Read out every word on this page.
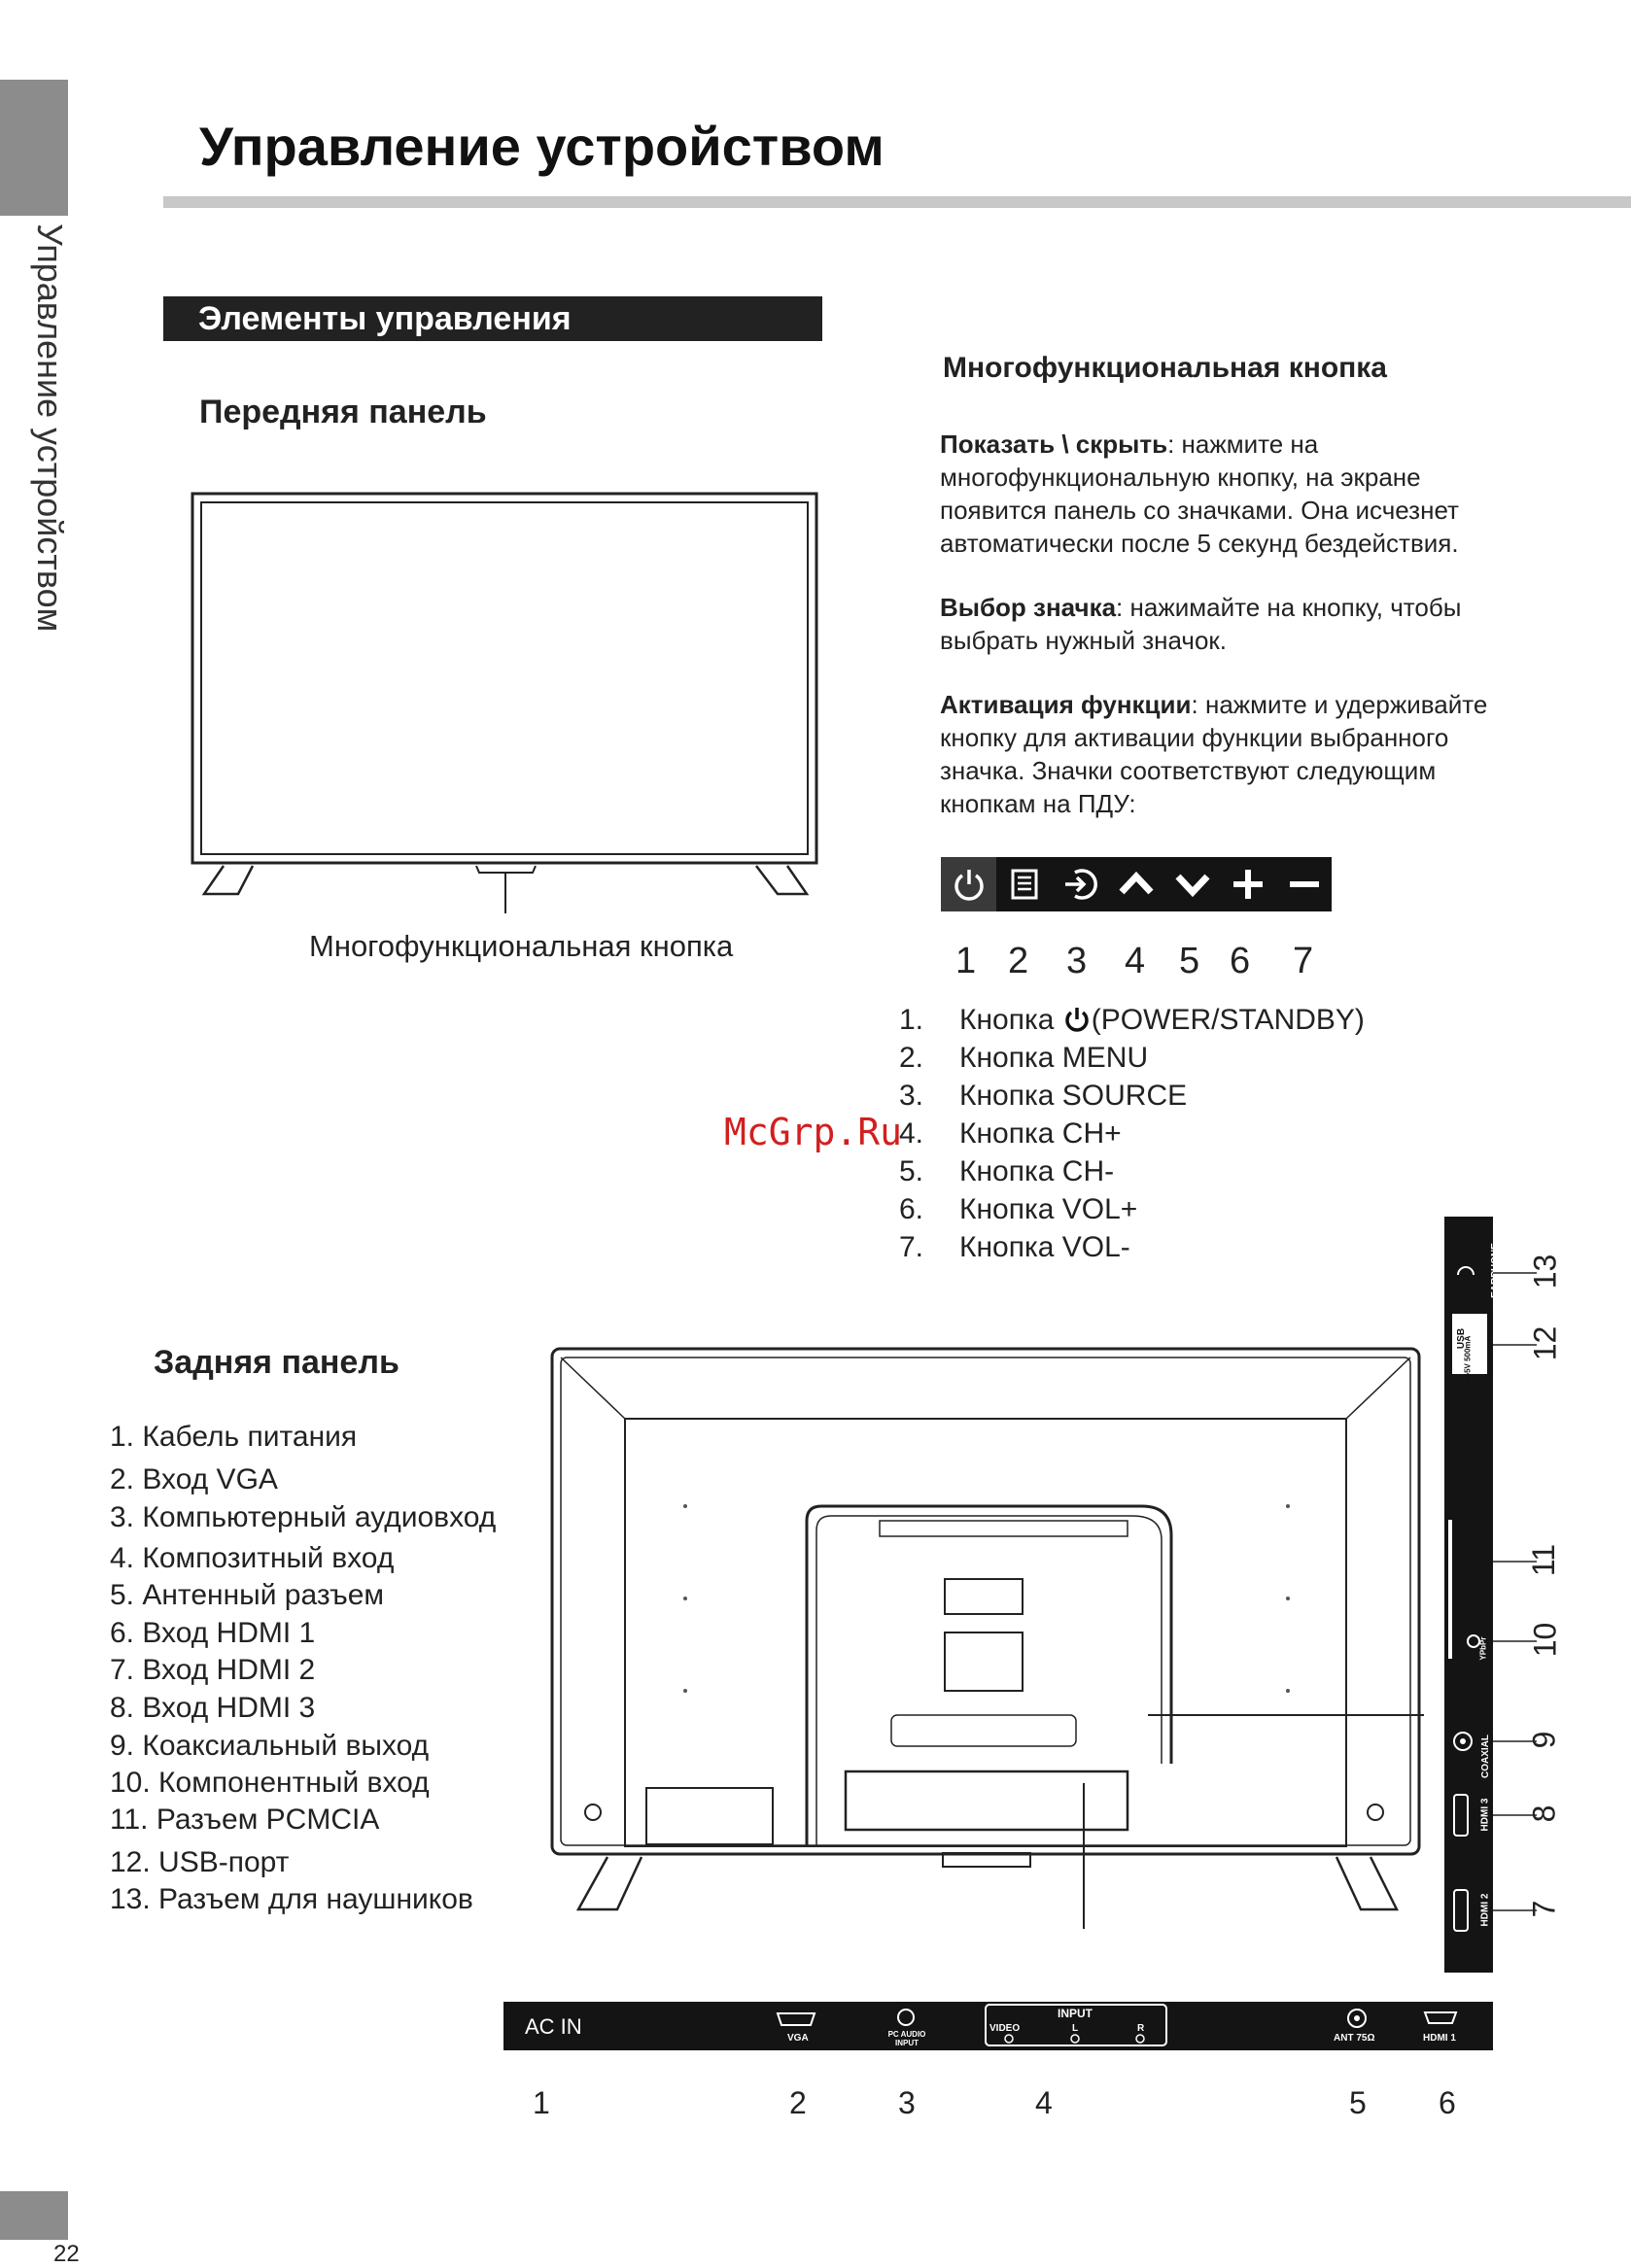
Управление устройством
Управление устройством
Элементы управления
Передняя панель
Многофункциональная кнопка
Многофункциональная кнопка
Показать \ скрыть: нажмите на
многофункциональную кнопку, на экране
появится панель со значками. Она исчезнет
автоматически после 5 секунд бездействия.
Выбор значка: нажимайте на кнопку, чтобы
выбрать нужный значок.
Активация функции: нажмите и удерживайте
кнопку для активации функции выбранного
значка. Значки соответствуют следующим
кнопкам на ПДУ:
1 2 3 4 5 6 7
1. Кнопка (POWER/STANDBY)
2. Кнопка MENU
3. Кнопка SOURCE
4. Кнопка CH+
5. Кнопка CH-
6. Кнопка VOL+
7. Кнопка VOL-
McGrp.Ru
Задняя панель
1. Кабель питания
2. Вход VGA
3. Компьютерный аудиовход
4. Композитный вход
5. Антенный разъем
6. Вход HDMI 1
7. Вход HDMI 2
8. Вход HDMI 3
9. Коаксиальный выход
10. Компонентный вход
11. Разъем PCMCIA
12. USB-порт
13. Разъем для наушников
EARPHONE
USB
⎓5V 500mA
YPbPr
COAXIAL
HDMI 3
HDMI 2
13
12
11
10
9
8
7
AC IN	VGA	PC AUDIO INPUT
INPUT
VIDEO	L	R
ANT 75Ω	HDMI 1
1	2	3	4	5 6
22
